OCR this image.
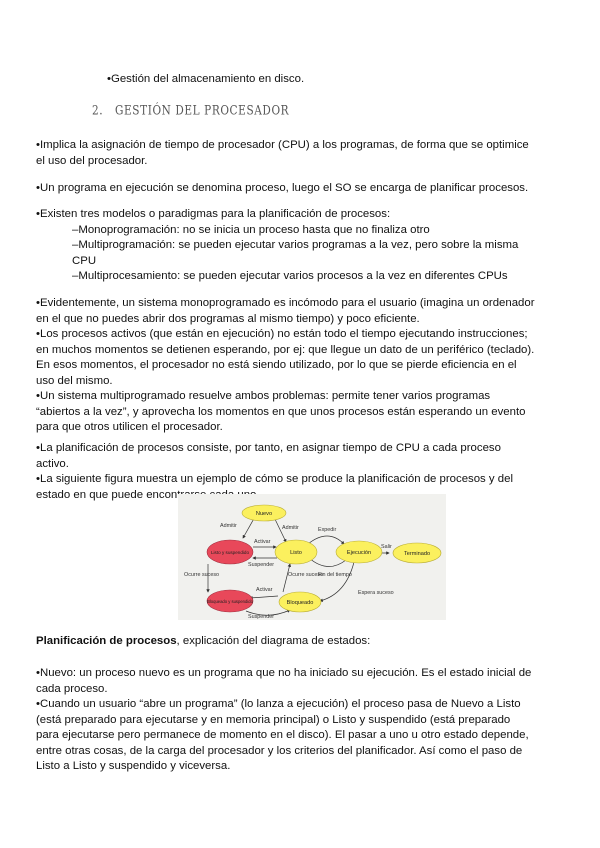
•Gestión del almacenamiento en disco.
2. GESTIÓN DEL PROCESADOR
•Implica la asignación de tiempo de procesador (CPU) a los programas, de forma que se optimice el uso del procesador.
•Un programa en ejecución se denomina proceso, luego el SO se encarga de planificar procesos.

•Existen tres modelos o paradigmas para la planificación de procesos:

–Monoprogramación: no se inicia un proceso hasta que no finaliza otro

–Multiprogramación: se pueden ejecutar varios programas a la vez, pero sobre la misma CPU

–Multiprocesamiento: se pueden ejecutar varios procesos a la vez en diferentes CPUs

•Evidentemente, un sistema monoprogramado es incómodo para el usuario (imagina un ordenador en el que no puedes abrir dos programas al mismo tiempo) y poco eficiente.

•Los procesos activos (que están en ejecución) no están todo el tiempo ejecutando instrucciones; en muchos momentos se detienen esperando, por ej: que llegue un dato de un periférico (teclado). En esos momentos, el procesador no está siendo utilizado, por lo que se pierde eficiencia en el uso del mismo.

•Un sistema multiprogramado resuelve ambos problemas: permite tener varios programas “abiertos a la vez”, y aprovecha los momentos en que unos procesos están esperando un evento para que otros utilicen el procesador.

•La planificación de procesos consiste, por tanto, en asignar tiempo de CPU a cada proceso activo.

•La siguiente figura muestra un ejemplo de cómo se produce la planificación de procesos y del estado en que puede encontrarse cada uno.

Nuevo
Listo	Ejecución	Terminado
Listo y suspendido
Bloqueado y suspendido	Bloqueado
Admitir	Admitir	Expedir
Salir
Activar
Suspender
Ocurre suceso	Ocurre suceso
Fin del tiempo
Espera suceso
Activar
Suspender
Planificación de procesos, explicación del diagrama de estados:

•Nuevo: un proceso nuevo es un programa que no ha iniciado su ejecución. Es el estado inicial de cada proceso.

•Cuando un usuario “abre un programa” (lo lanza a ejecución) el proceso pasa de Nuevo a Listo (está preparado para ejecutarse y en memoria principal) o Listo y suspendido (está preparado para ejecutarse pero permanece de momento en el disco). El pasar a uno u otro estado depende, entre otras cosas, de la carga del procesador y los criterios del planificador. Así como el paso de Listo a Listo y suspendido y viceversa.
